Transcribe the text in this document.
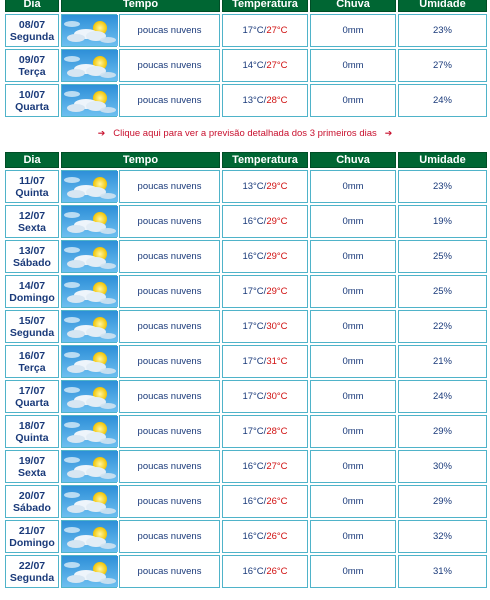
Dia	Tempo		Temperatura	Chuva	Umidade
08/07
Segunda		poucas nuvens	17°C/27°C	0mm	23%
09/07
Terça		poucas nuvens	14°C/27°C	0mm	27%
10/07
Quarta		poucas nuvens	13°C/28°C	0mm	24%
➔ Clique aqui para ver a previsão detalhada dos 3 primeiros dias ➔
Dia	Tempo		Temperatura	Chuva	Umidade
11/07
Quinta		poucas nuvens	13°C/29°C	0mm	23%
12/07
Sexta		poucas nuvens	16°C/29°C	0mm	19%
13/07
Sábado		poucas nuvens	16°C/29°C	0mm	25%
14/07
Domingo		poucas nuvens	17°C/29°C	0mm	25%
15/07
Segunda		poucas nuvens	17°C/30°C	0mm	22%
16/07
Terça		poucas nuvens	17°C/31°C	0mm	21%
17/07
Quarta		poucas nuvens	17°C/30°C	0mm	24%
18/07
Quinta		poucas nuvens	17°C/28°C	0mm	29%
19/07
Sexta		poucas nuvens	16°C/27°C	0mm	30%
20/07
Sábado		poucas nuvens	16°C/26°C	0mm	29%
21/07
Domingo		poucas nuvens	16°C/26°C	0mm	32%
22/07
Segunda		poucas nuvens	16°C/26°C	0mm	31%
